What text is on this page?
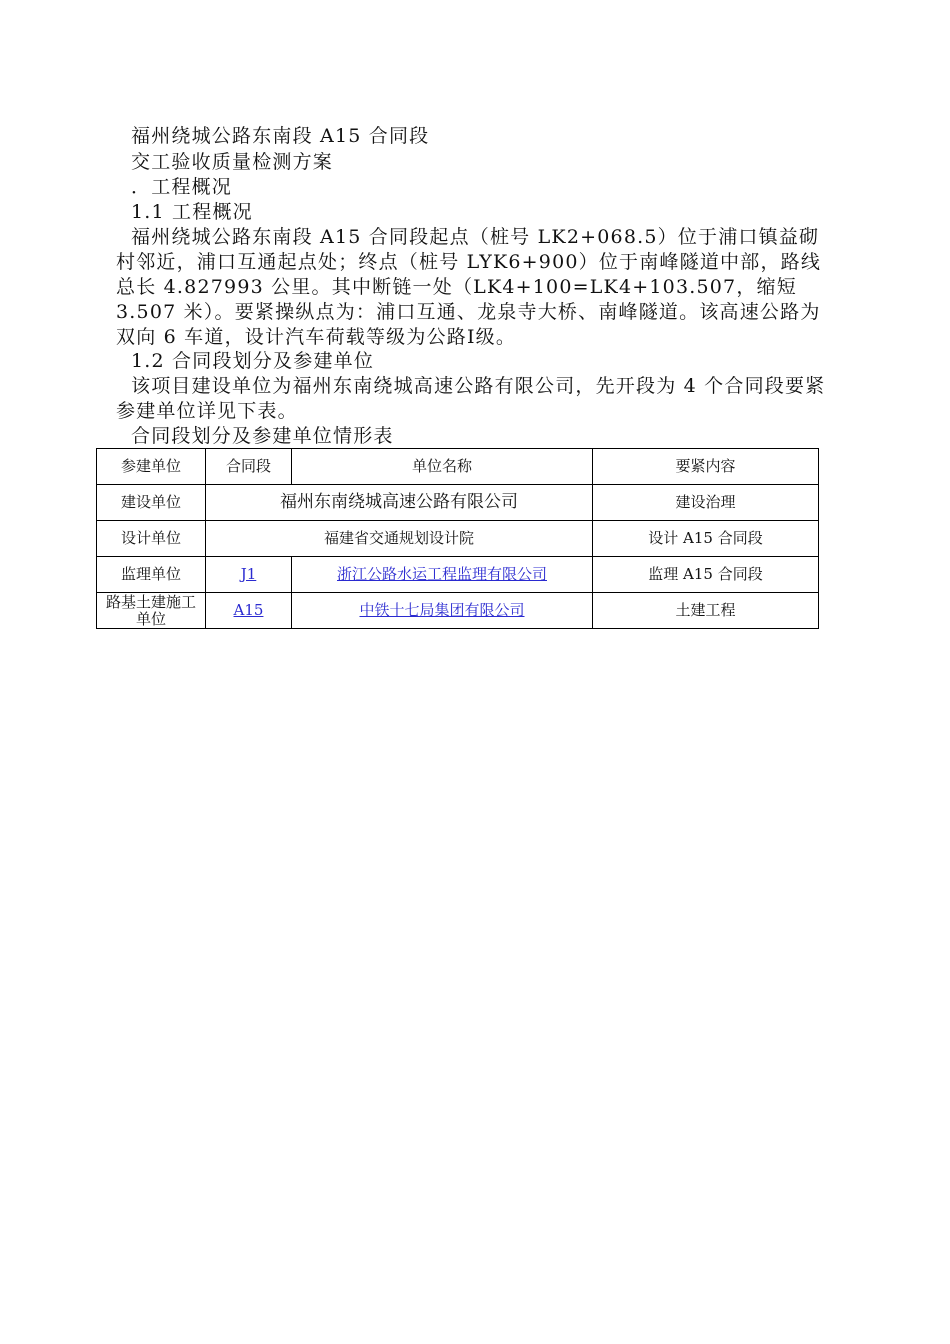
福州绕城公路东南段 A15 合同段
交工验收质量检测方案
．工程概况
1.1 工程概况
福州绕城公路东南段 A15 合同段起点（桩号 LK2+068.5）位于浦口镇益砌村邻近，浦口互通起点处；终点（桩号 LYK6+900）位于南峰隧道中部，路线总长 4.827993 公里。其中断链一处（LK4+100=LK4+103.507，缩短 3.507 米）。要紧操纵点为：浦口互通、龙泉寺大桥、南峰隧道。该高速公路为双向 6 车道，设计汽车荷载等级为公路Ⅰ级。
1.2 合同段划分及参建单位
该项目建设单位为福州东南绕城高速公路有限公司，先开段为 4 个合同段要紧参建单位详见下表。
合同段划分及参建单位情形表
参建单位	合同段	单位名称	要紧内容
建设单位	福州东南绕城高速公路有限公司		建设治理
设计单位	福建省交通规划设计院		设计 A15 合同段
监理单位	J1	浙江公路水运工程监理有限公司	监理 A15 合同段
路基土建施工单位	A15	中铁十七局集团有限公司	土建工程
